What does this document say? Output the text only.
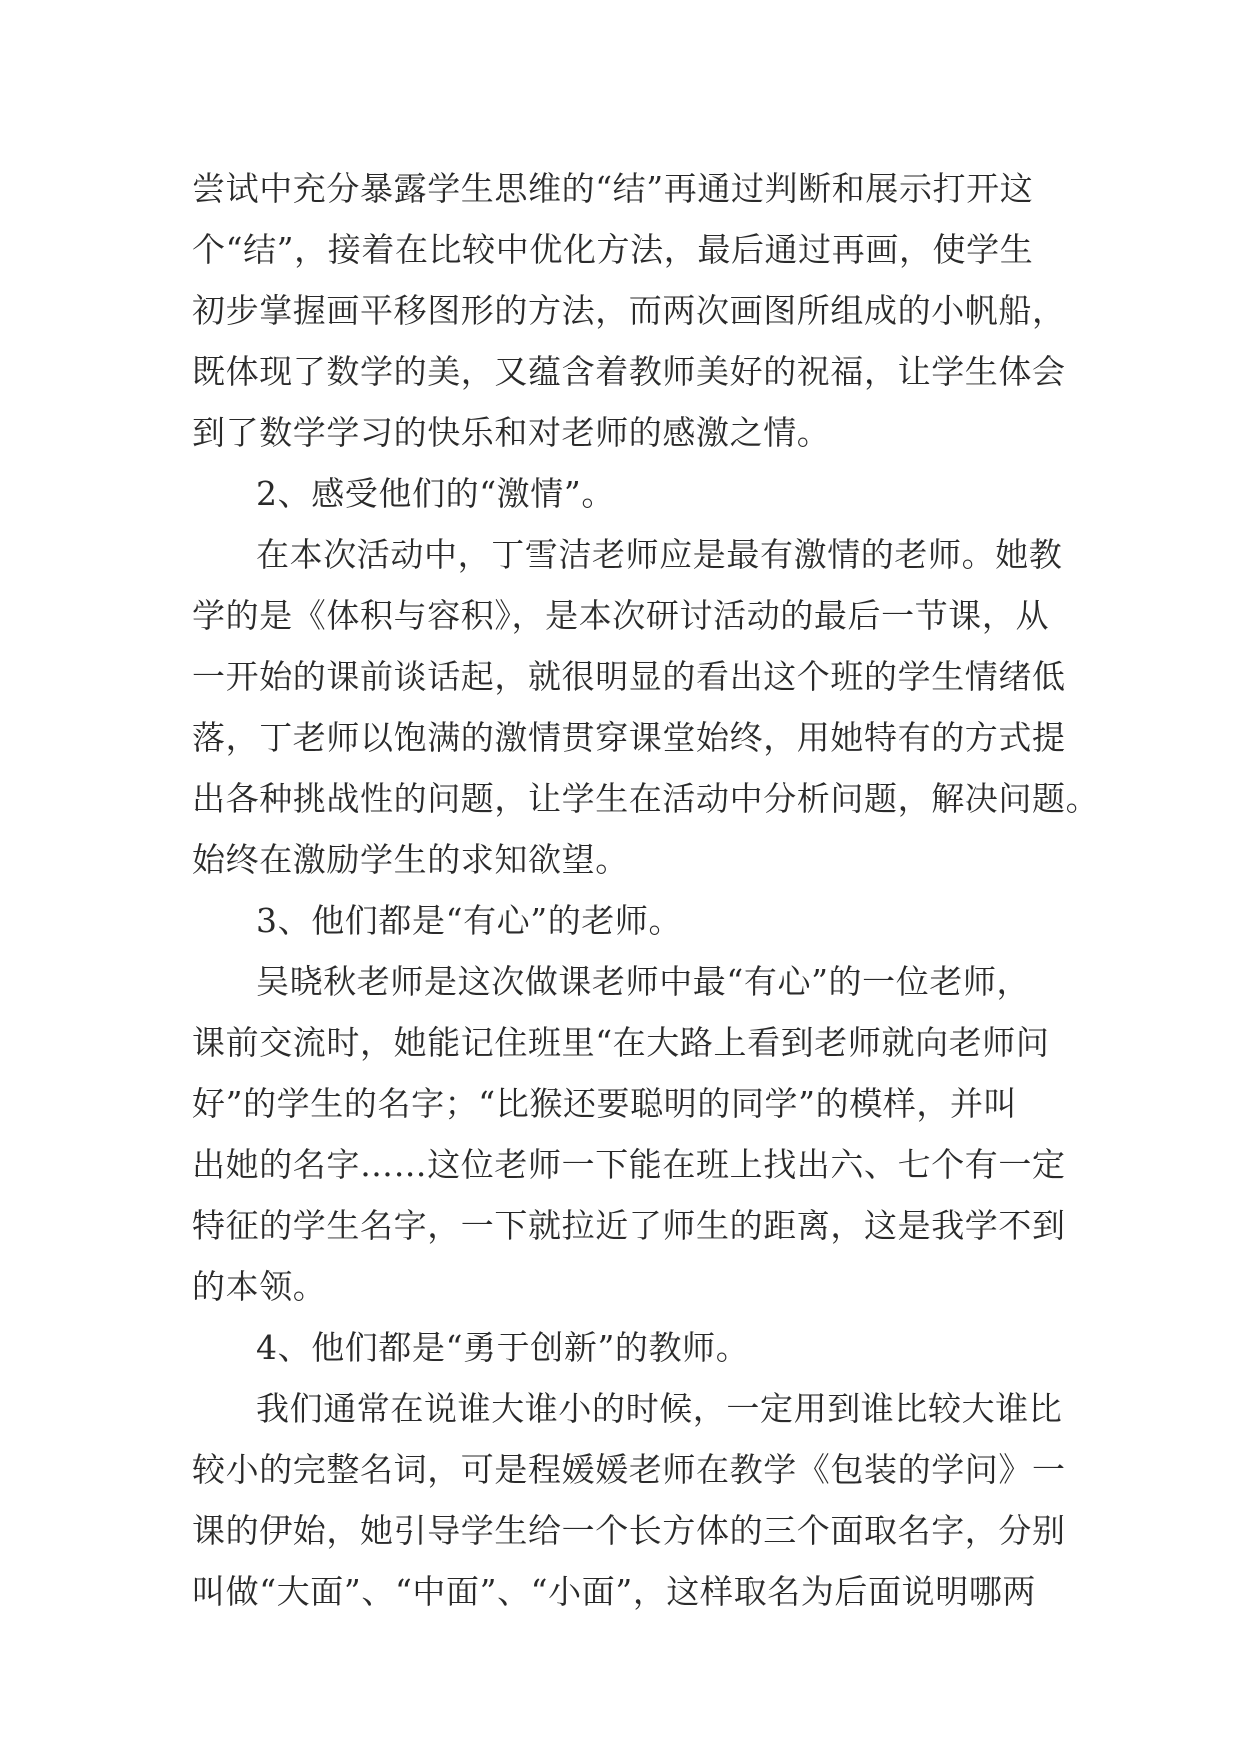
尝试中充分暴露学生思维的“结”再通过判断和展示打开这
个“结”，接着在比较中优化方法，最后通过再画，使学生
初步掌握画平移图形的方法，而两次画图所组成的小帆船，
既体现了数学的美，又蕴含着教师美好的祝福，让学生体会
到了数学学习的快乐和对老师的感激之情。
2、感受他们的“激情”。
在本次活动中，丁雪洁老师应是最有激情的老师。她教
学的是《体积与容积》，是本次研讨活动的最后一节课，从
一开始的课前谈话起，就很明显的看出这个班的学生情绪低
落，丁老师以饱满的激情贯穿课堂始终，用她特有的方式提
出各种挑战性的问题，让学生在活动中分析问题，解决问题。
始终在激励学生的求知欲望。
3、他们都是“有心”的老师。
吴晓秋老师是这次做课老师中最“有心”的一位老师，
课前交流时，她能记住班里“在大路上看到老师就向老师问
好”的学生的名字；“比猴还要聪明的同学”的模样，并叫
出她的名字……这位老师一下能在班上找出六、七个有一定
特征的学生名字，一下就拉近了师生的距离，这是我学不到
的本领。
4、他们都是“勇于创新”的教师。
我们通常在说谁大谁小的时候，一定用到谁比较大谁比
较小的完整名词，可是程媛媛老师在教学《包装的学问》一
课的伊始，她引导学生给一个长方体的三个面取名字，分别
叫做“大面”、“中面”、“小面”，这样取名为后面说明哪两
